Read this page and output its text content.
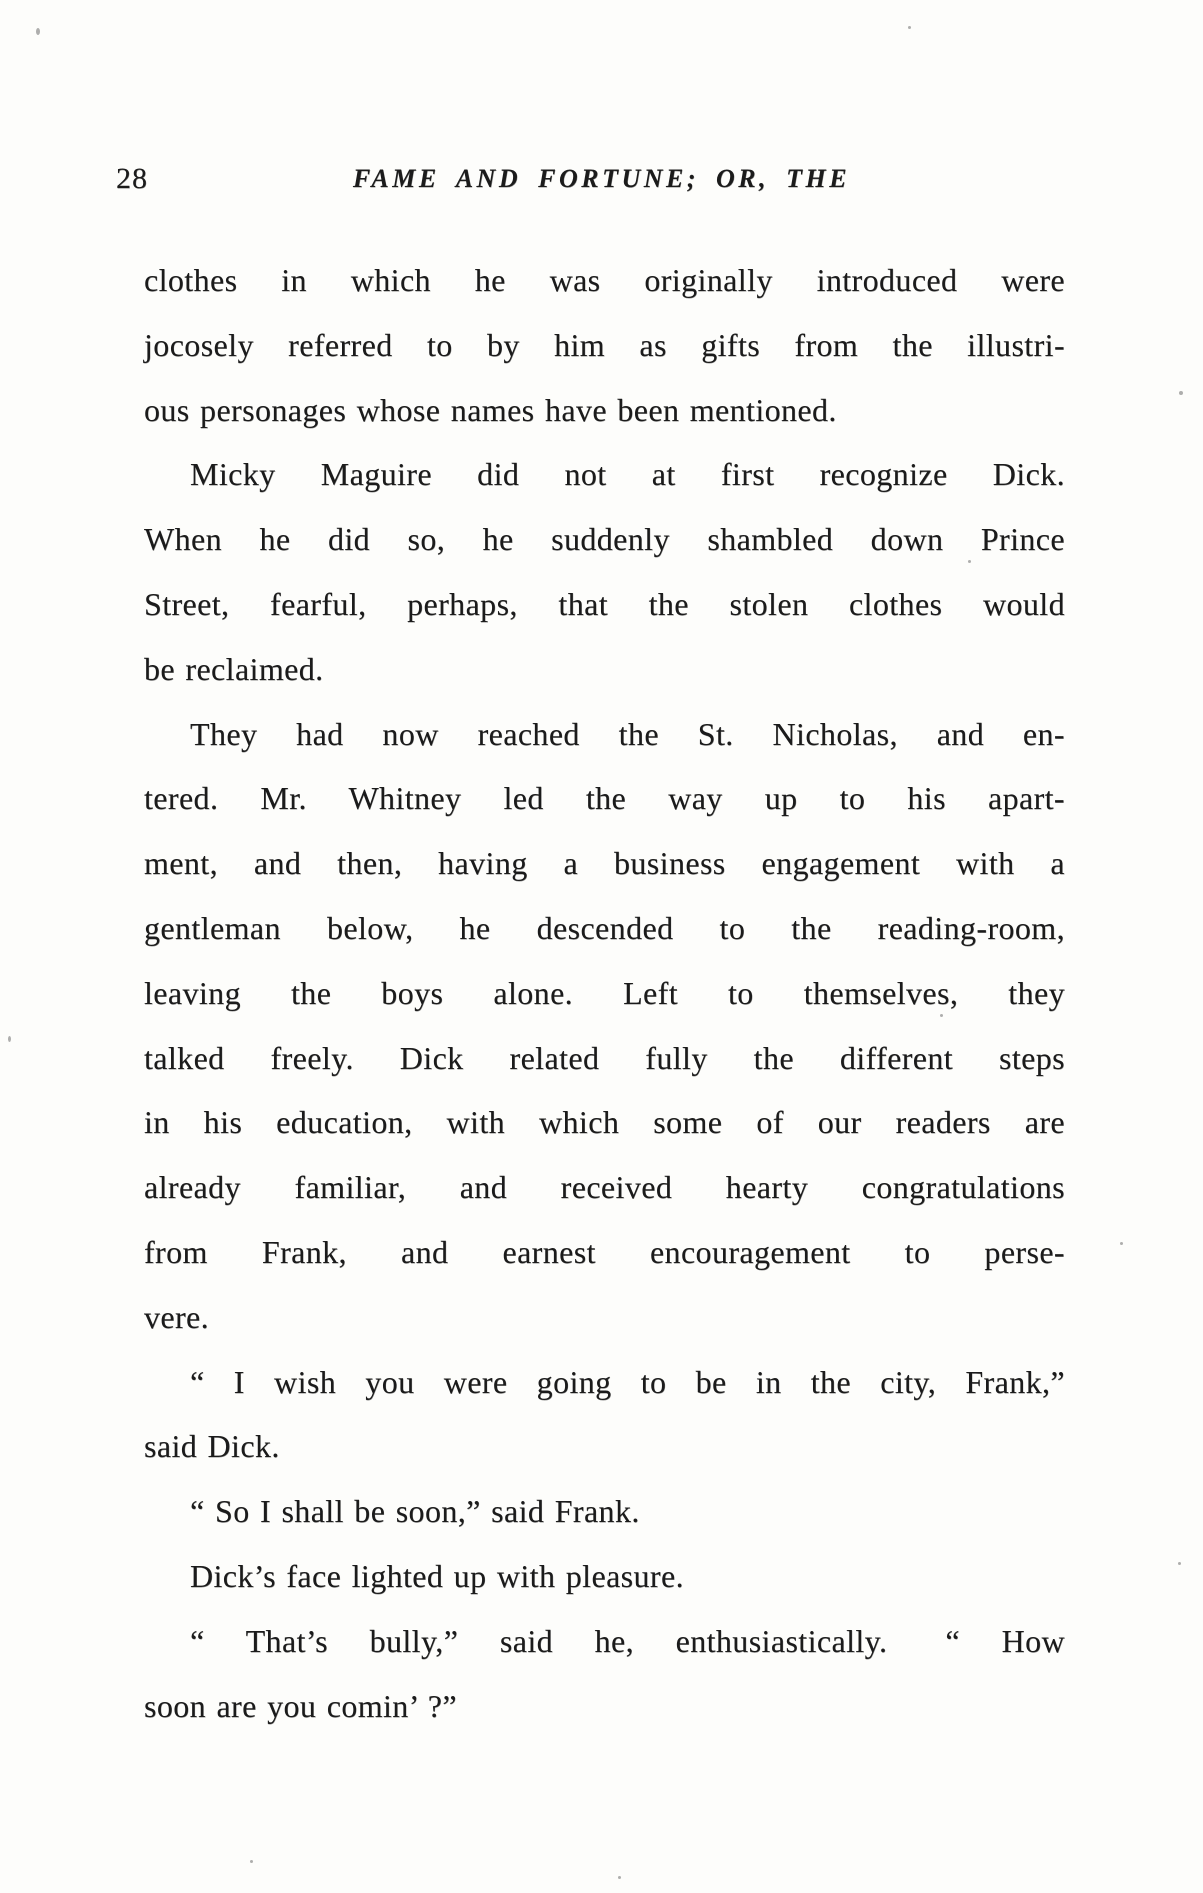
28	FAME AND FORTUNE; OR, THE
clothes in which he was originally introduced were
jocosely referred to by him as gifts from the illustri-
ous personages whose names have been mentioned.
Micky Maguire did not at first recognize Dick.
When he did so, he suddenly shambled down Prince
Street, fearful, perhaps, that the stolen clothes would
be reclaimed.
They had now reached the St. Nicholas, and en-
tered. Mr. Whitney led the way up to his apart-
ment, and then, having a business engagement with a
gentleman below, he descended to the reading-room,
leaving the boys alone. Left to themselves, they
talked freely. Dick related fully the different steps
in his education, with which some of our readers are
already familiar, and received hearty congratulations
from Frank, and earnest encouragement to perse-
vere.
“ I wish you were going to be in the city, Frank,”
said Dick.
“ So I shall be soon,” said Frank.
Dick’s face lighted up with pleasure.
“ That’s bully,” said he, enthusiastically.  “ How
soon are you comin’ ?”
